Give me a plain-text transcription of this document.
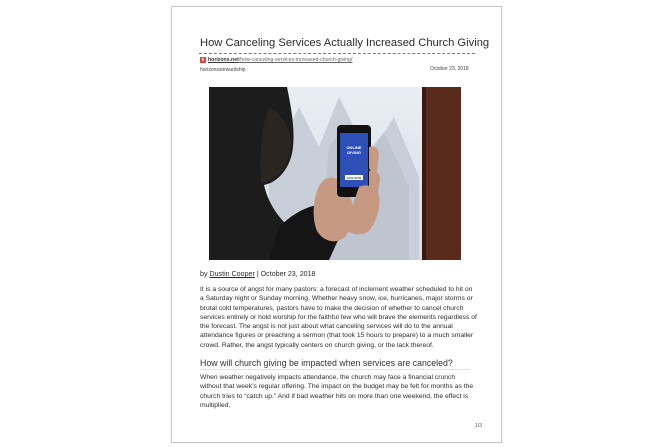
How Canceling Services Actually Increased Church Giving
h horizons.net /how-canceling-services-increased-church-giving/
horizonsstewardship	October 23, 2018
ONLINE
GIVING
GIVE NOW
by Dustin Cooper | October 23, 2018
It is a source of angst for many pastors: a forecast of inclement weather scheduled to hit on a Saturday night or Sunday morning. Whether heavy snow, ice, hurricanes, major storms or brutal cold temperatures, pastors have to make the decision of whether to cancel church services entirely or hold worship for the faithful few who will brave the elements regardless of the forecast. The angst is not just about what canceling services will do to the annual attendance figures or preaching a sermon (that took 15 hours to prepare) to a much smaller crowd. Rather, the angst typically centers on church giving, or the lack thereof.
How will church giving be impacted when services are canceled?
When weather negatively impacts attendance, the church may face a financial crunch without that week’s regular offering. The impact on the budget may be felt for months as the church tries to “catch up.” And if bad weather hits on more than one weekend, the effect is multiplied.
1/3
